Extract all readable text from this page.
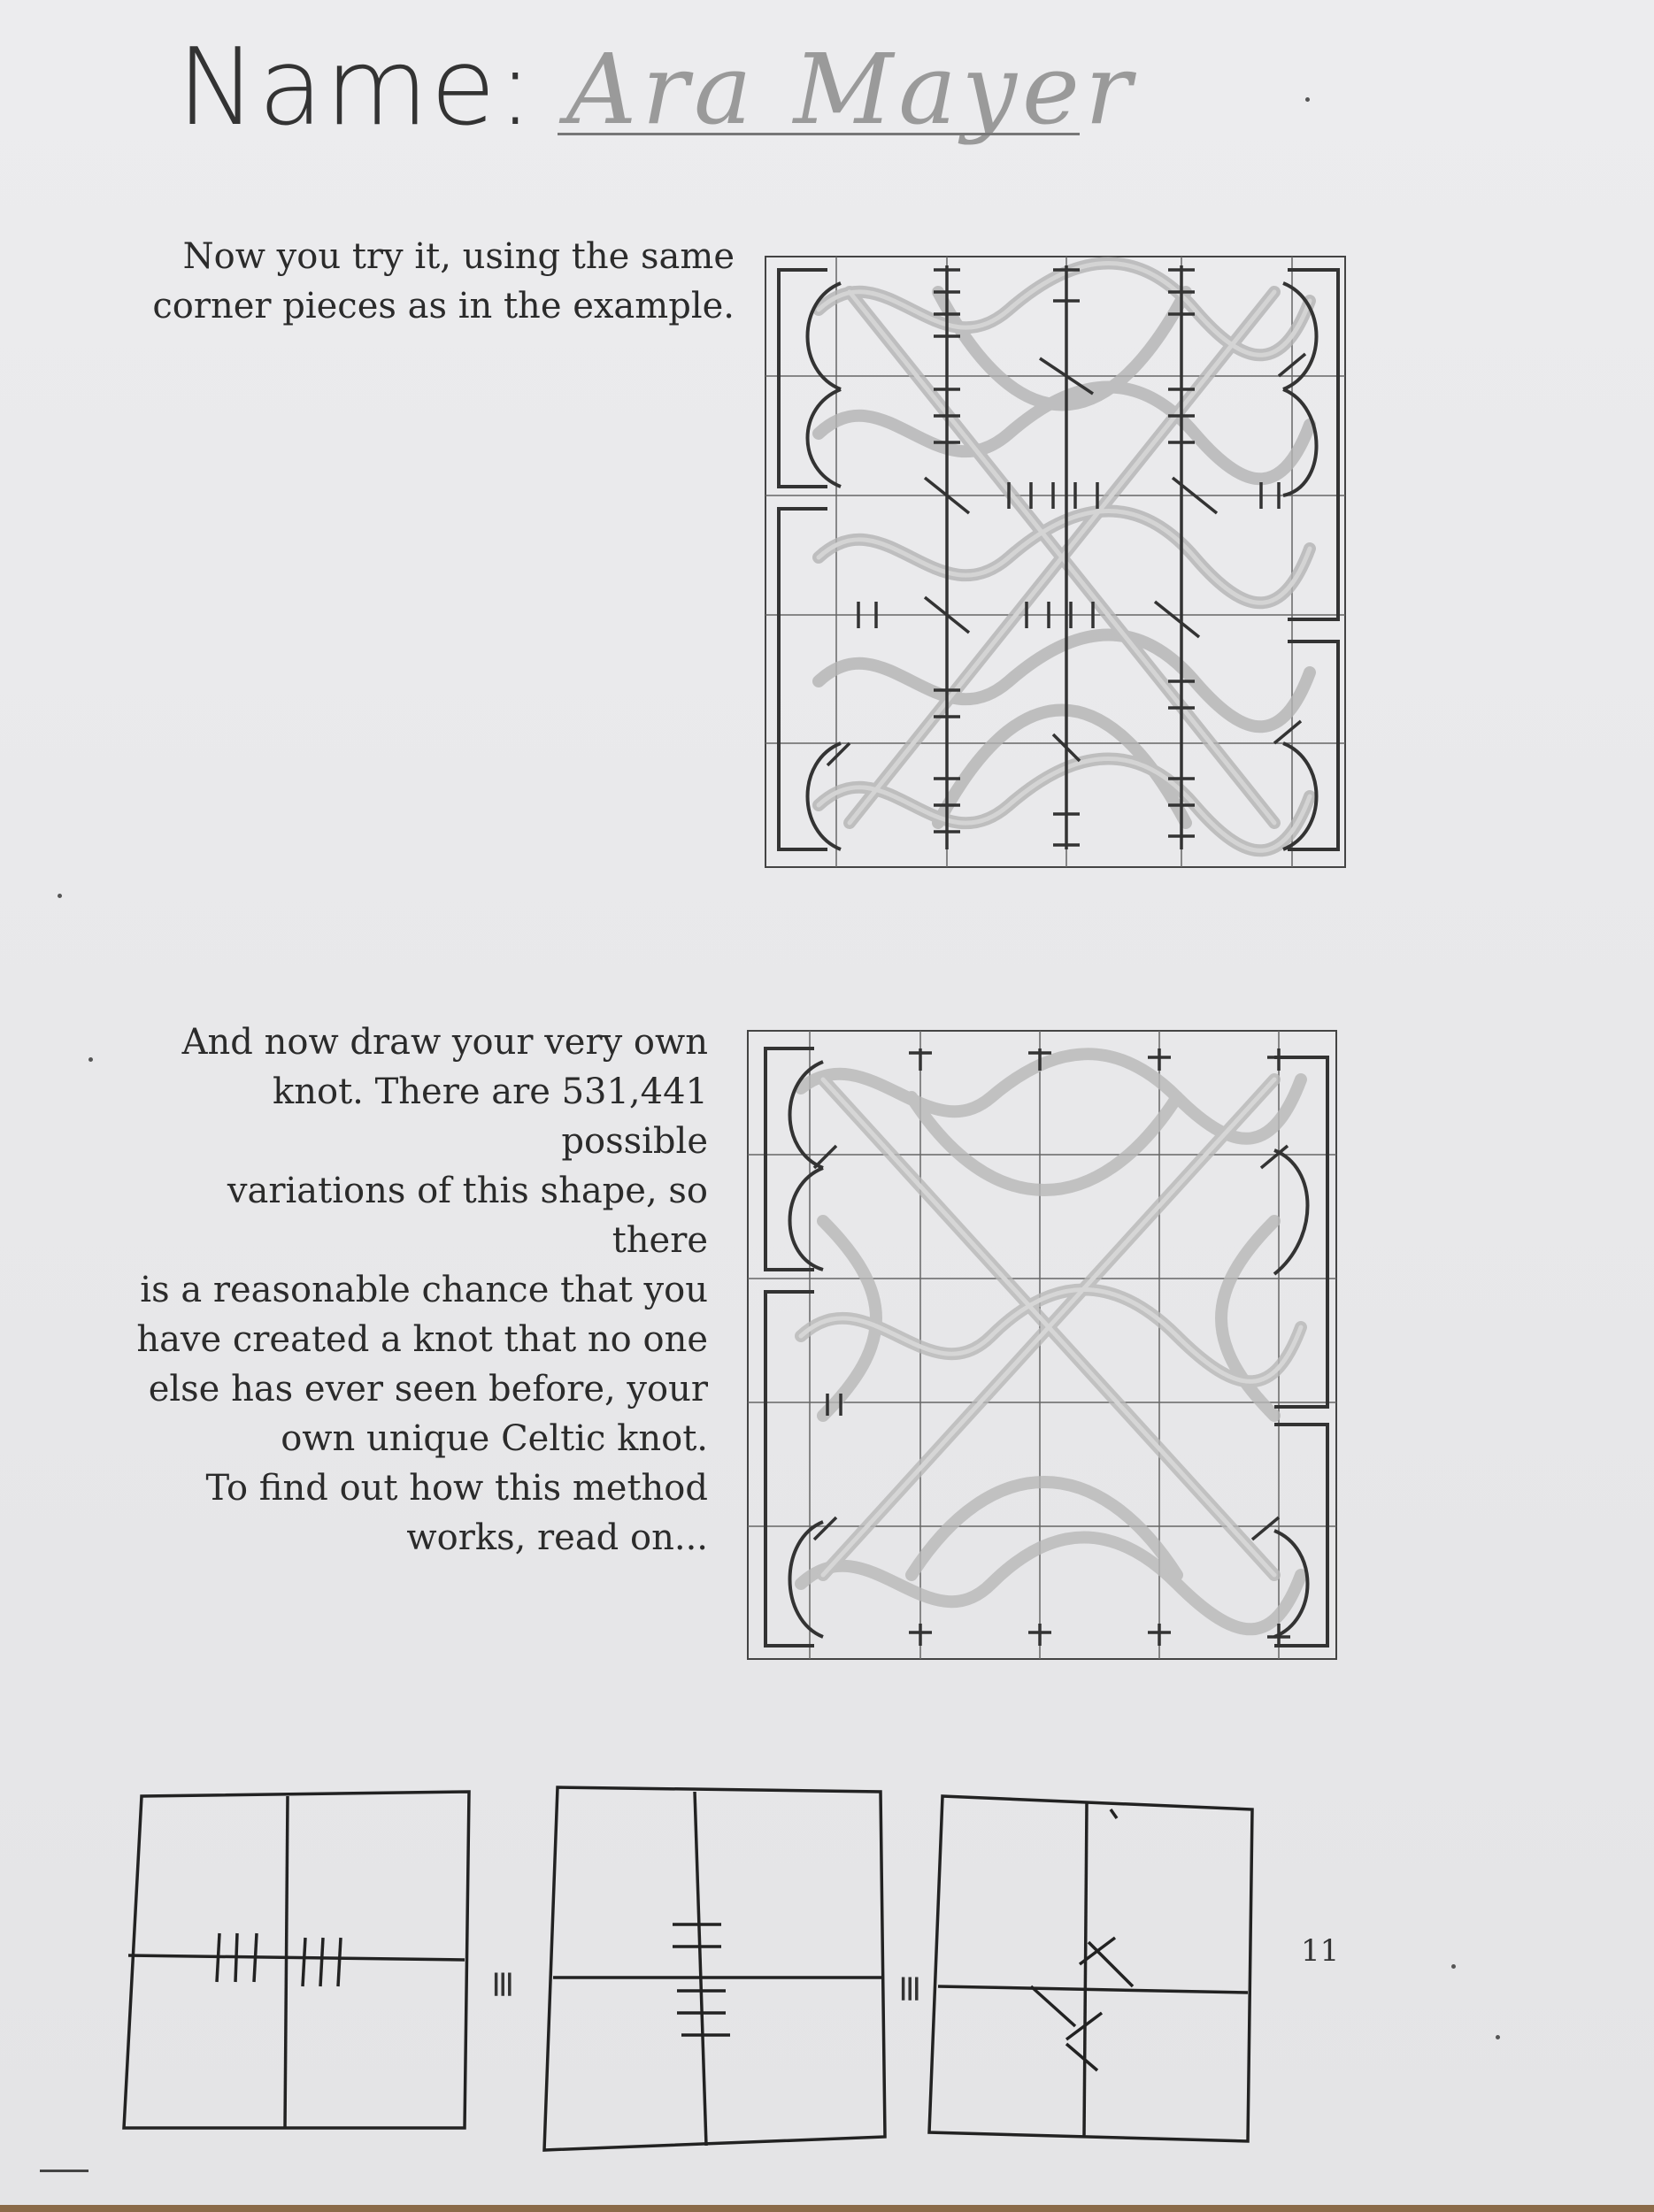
Name: Ara Mayer

Now you try it, using the same

corner pieces as in the example.

And now draw your very own

knot. There are 531,441 possible

variations of this shape, so there

is a reasonable chance that you

have created a knot that no one

else has ever seen before, your

own unique Celtic knot.

To find out how this method

works, read on...

≡	≡
11
